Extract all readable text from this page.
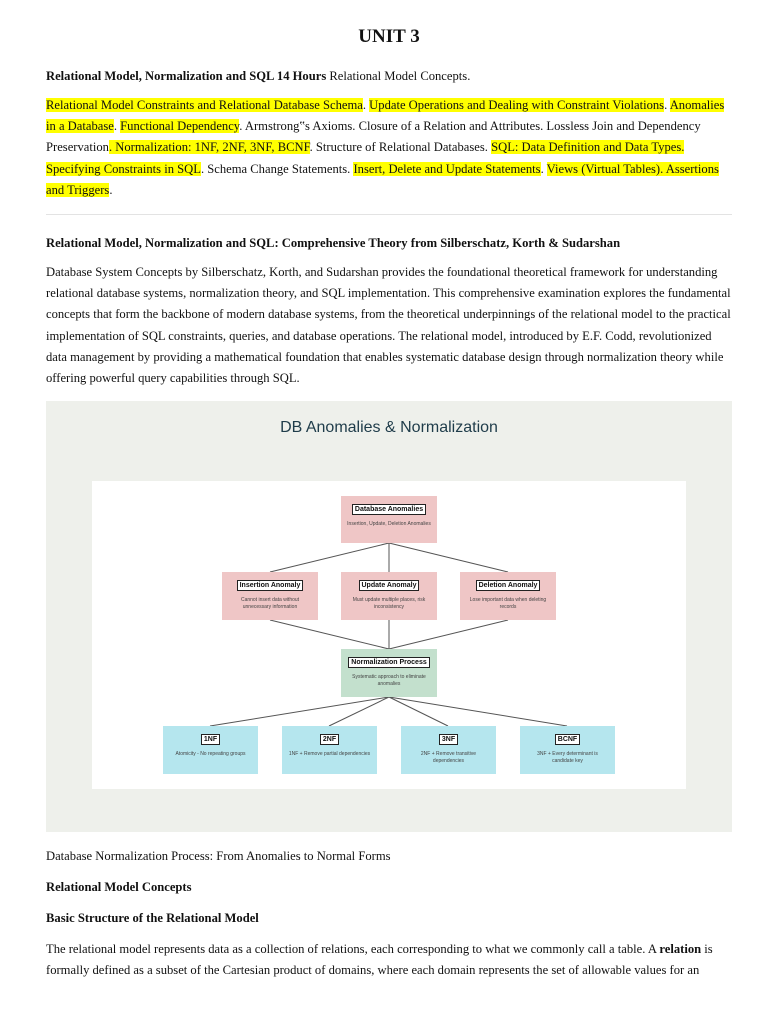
UNIT 3

Relational Model, Normalization and SQL 14 Hours Relational Model Concepts.

Relational Model Constraints and Relational Database Schema. Update Operations and Dealing with Constraint Violations. Anomalies in a Database. Functional Dependency. Armstrong‟s Axioms. Closure of a Relation and Attributes. Lossless Join and Dependency Preservation. Normalization: 1NF, 2NF, 3NF, BCNF. Structure of Relational Databases. SQL: Data Definition and Data Types. Specifying Constraints in SQL. Schema Change Statements. Insert, Delete and Update Statements. Views (Virtual Tables). Assertions and Triggers.

Relational Model, Normalization and SQL: Comprehensive Theory from Silberschatz, Korth & Sudarshan

Database System Concepts by Silberschatz, Korth, and Sudarshan provides the foundational theoretical framework for understanding relational database systems, normalization theory, and SQL implementation. This comprehensive examination explores the fundamental concepts that form the backbone of modern database systems, from the theoretical underpinnings of the relational model to the practical implementation of SQL constraints, queries, and database operations. The relational model, introduced by E.F. Codd, revolutionized data management by providing a mathematical foundation that enables systematic database design through normalization theory while offering powerful query capabilities through SQL.

DB Anomalies & Normalization
Database Anomalies
Insertion, Update, Deletion Anomalies
Insertion Anomaly
Cannot insert data without unnecessary information
Update Anomaly
Must update multiple places, risk inconsistency
Deletion Anomaly
Lose important data when deleting records
Normalization Process
Systematic approach to eliminate anomalies
1NF
Atomicity - No repeating groups
2NF
1NF + Remove partial dependencies
3NF
2NF + Remove transitive dependencies
BCNF
3NF + Every determinant is candidate key

Database Normalization Process: From Anomalies to Normal Forms

Relational Model Concepts
Basic Structure of the Relational Model

The relational model represents data as a collection of relations, each corresponding to what we commonly call a table. A relation is formally defined as a subset of the Cartesian product of domains, where each domain represents the set of allowable values for an
